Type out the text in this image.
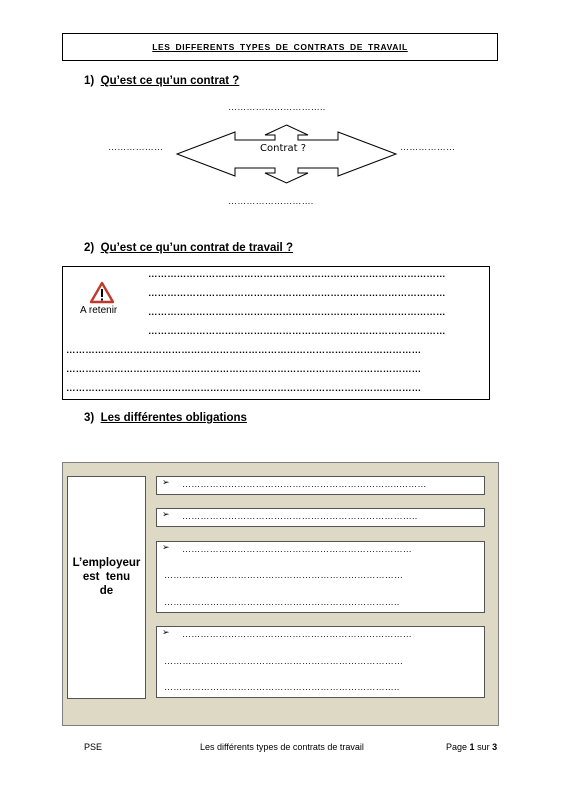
LES DIFFERENTS TYPES DE CONTRATS DE TRAVAIL
1) Qu’est ce qu’un contrat ?
…………………………..
………………	………………
……………………….
Contrat ?
2) Qu’est ce qu’un contrat de travail ?
A retenir
…………………………………………………………………………………
…………………………………………………………………………………
…………………………………………………………………………………
…………………………………………………………………………………
…………………………………………………………………………………………………
…………………………………………………………………………………………………
…………………………………………………………………………………………………
3) Les différentes obligations
L’employeur
est  tenu
de
➢ ……………………………………………………………..………
➢ …………………………………………………………………..
➢ …………………………………………………………………
……………………………………………………………………
…………………………………………………………………..
➢ …………………………………………………………………
……………………………………………………………………
…………………………………………………………………..
PSE	Les différents types de contrats de travail	Page 1 sur 3
